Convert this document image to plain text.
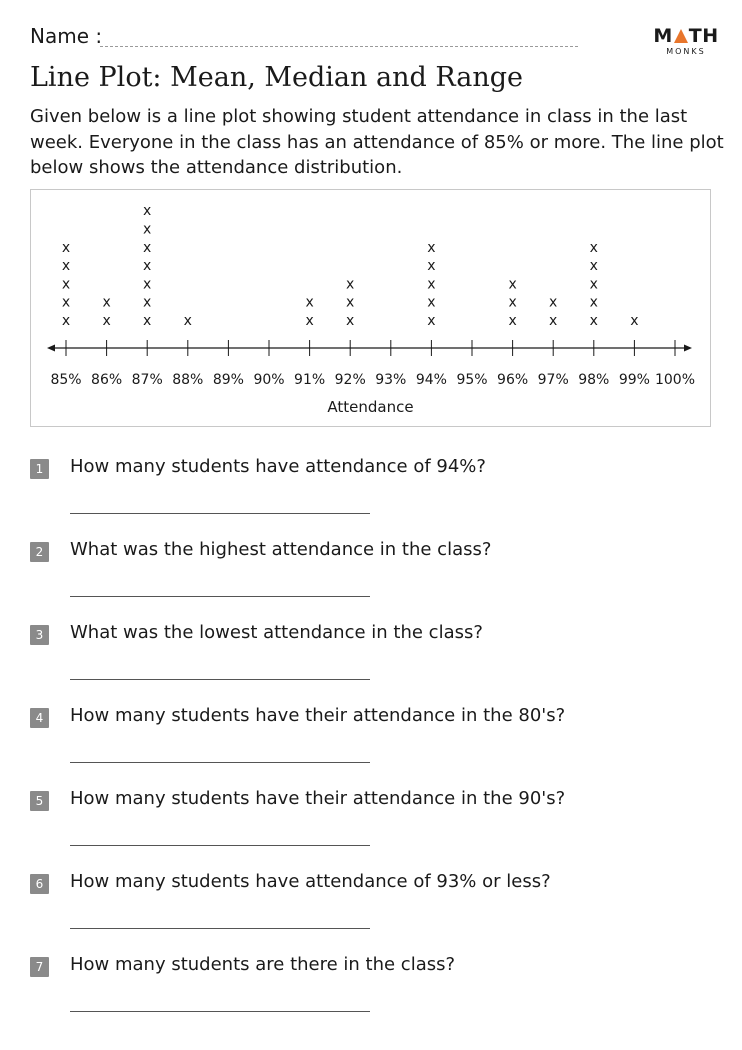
Name :	M TH
MONKS
Line Plot: Mean, Median and Range

Given below is a line plot showing student attendance in class in the last week. Everyone in the class has an attendance of 85% or more. The line plot below shows the attendance distribution.

85%
x
x
x
x
x
86%
x
x
87%
x
x
x
x
x
x
x
88%
x
89% 90% 91%
x
x
92%
x
x
x
93% 94%
x
x
x
x
x
95% 96%
x
x
x
97%
x
x
98%
x
x
x
x
x
99%
x
100%
Attendance
1	How many students have attendance of 94%?
2	What was the highest attendance in the class?
3	What was the lowest attendance in the class?
4	How many students have their attendance in the 80's?
5	How many students have their attendance in the 90's?
6	How many students have attendance of 93% or less?
7	How many students are there in the class?
